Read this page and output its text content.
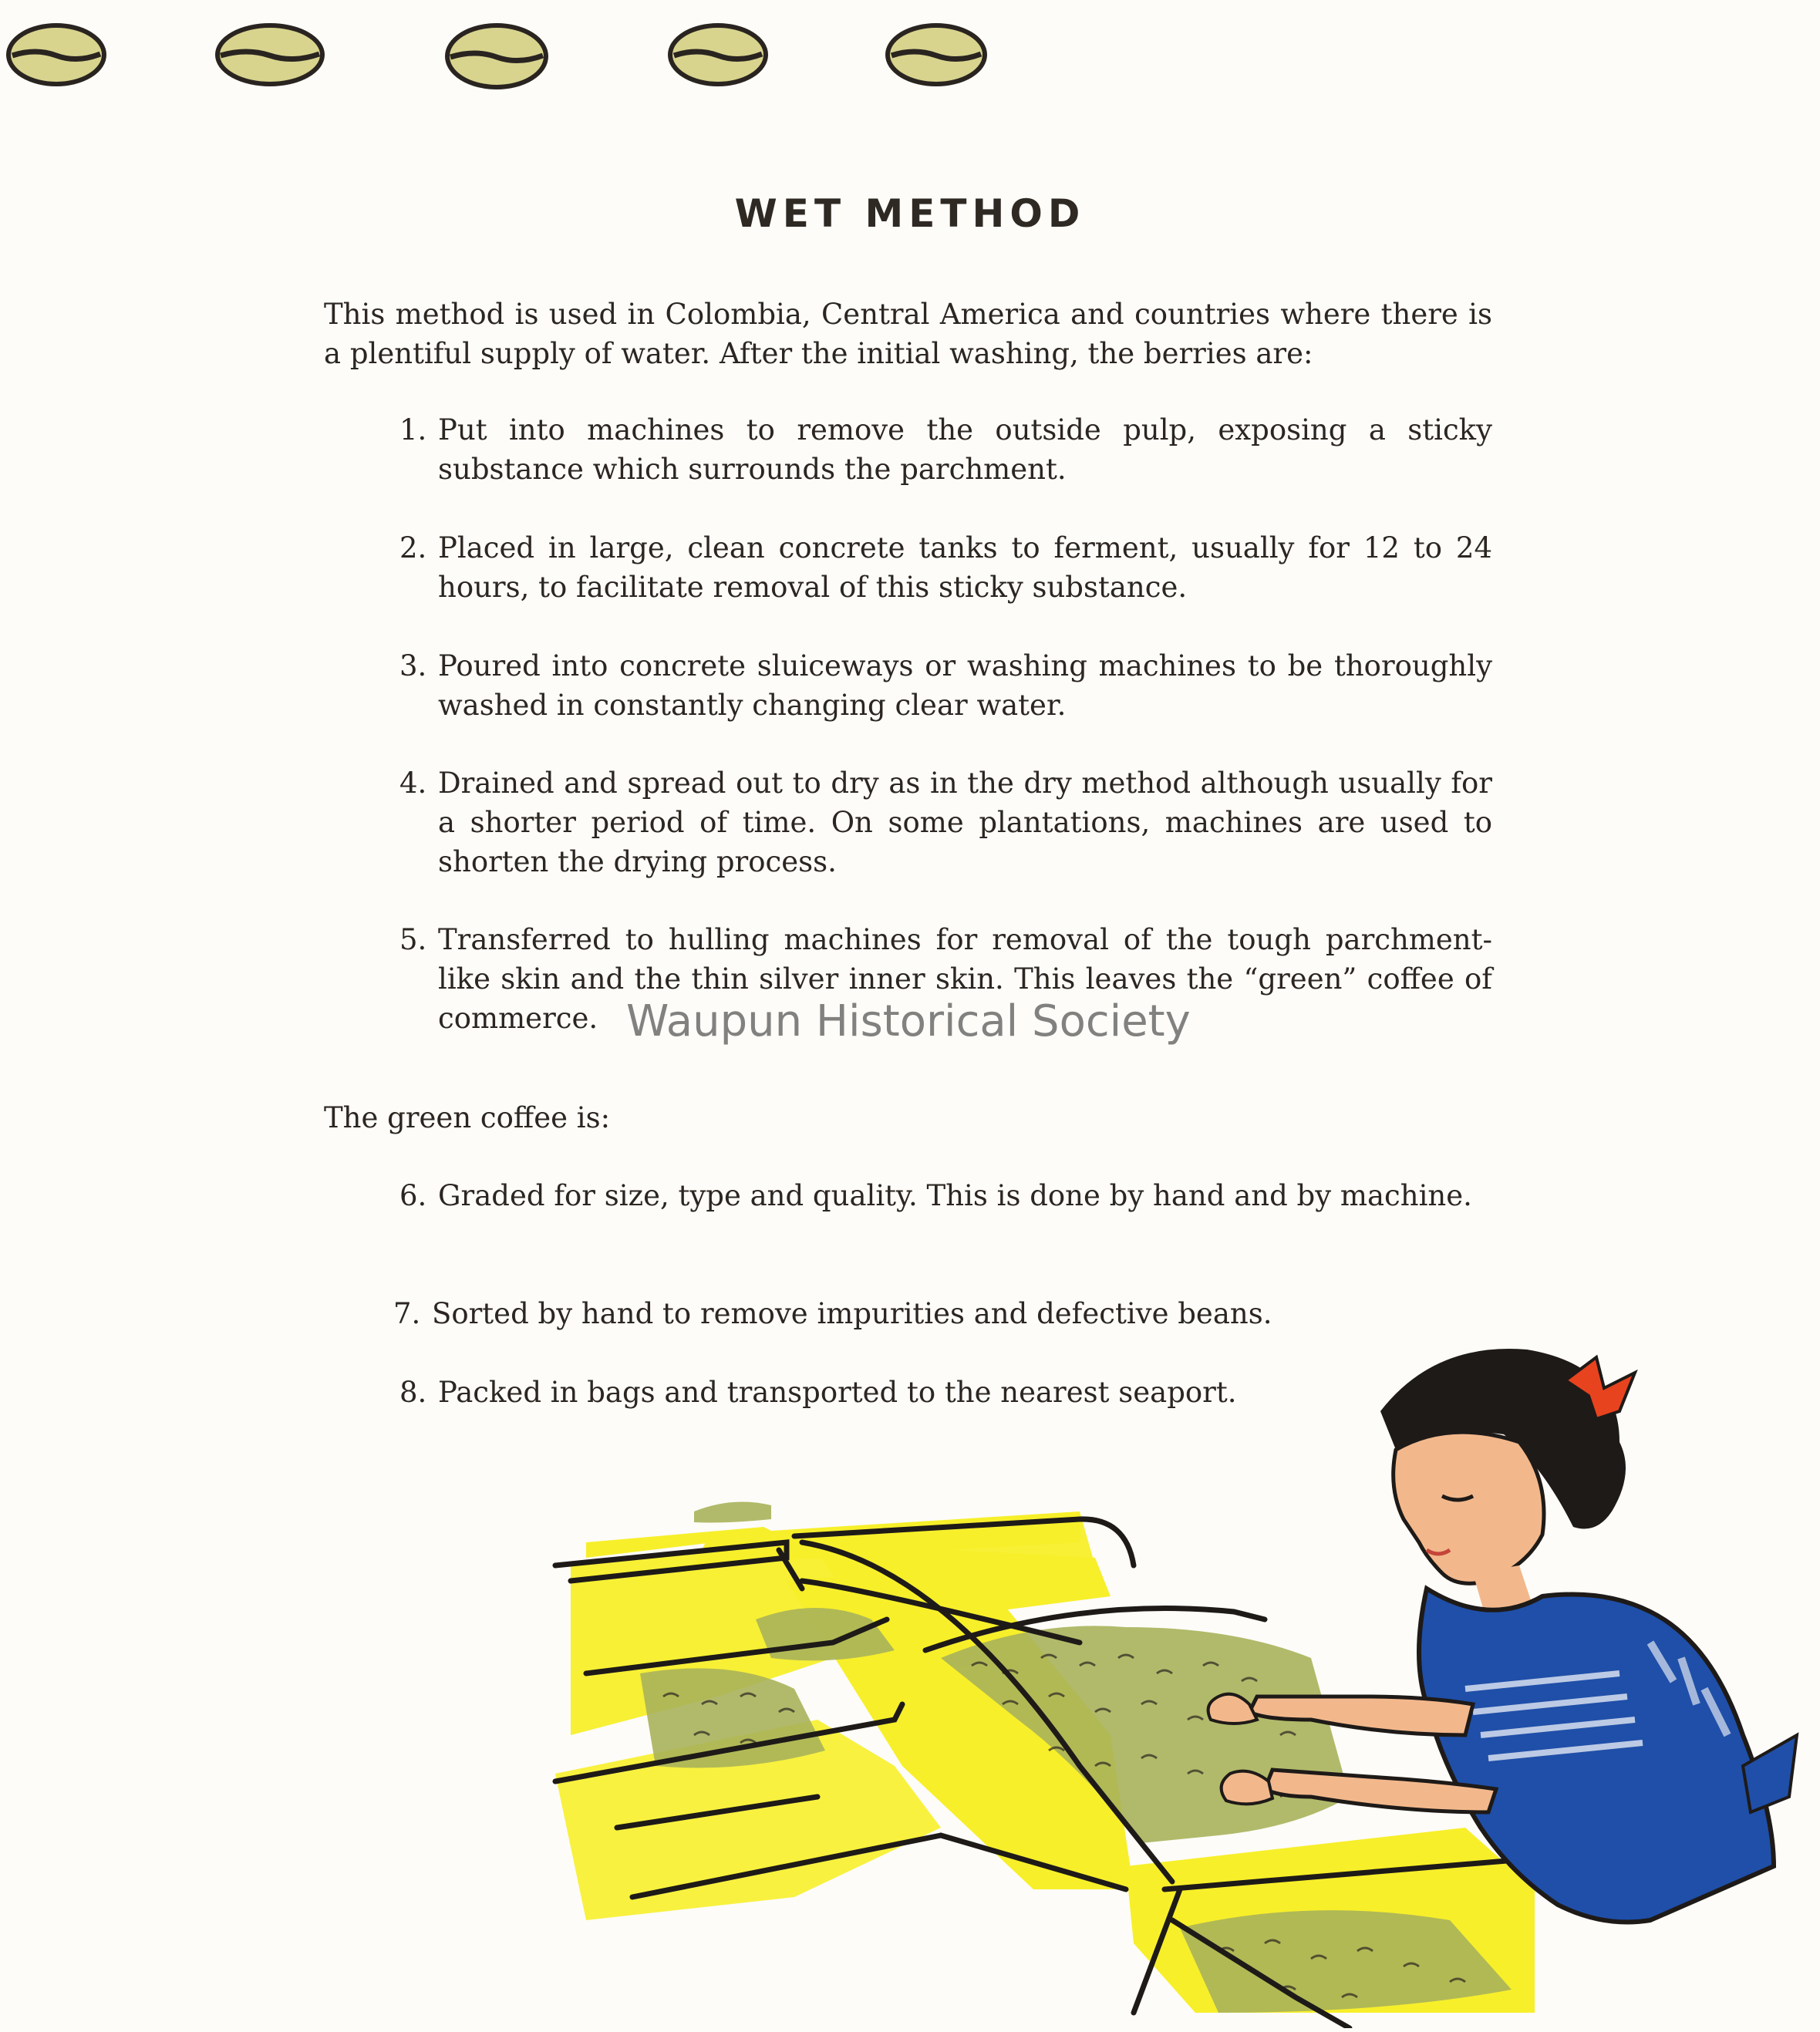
WET METHOD
This method is used in Colombia, Central America and countries where there is a plentiful supply of water. After the initial washing, the berries are:
1. Put into machines to remove the outside pulp, exposing a sticky substance which surrounds the parchment.
2. Placed in large, clean concrete tanks to ferment, usually for 12 to 24 hours, to facilitate removal of this sticky substance.
3. Poured into concrete sluiceways or washing machines to be thoroughly washed in constantly changing clear water.
4. Drained and spread out to dry as in the dry method although usually for a shorter period of time. On some plantations, machines are used to shorten the drying process.
5. Transferred to hulling machines for removal of the tough parchment-like skin and the thin silver inner skin. This leaves the “green” coffee of commerce. Waupun Historical Society
The green coffee is:
6. Graded for size, type and quality. This is done by hand and by machine.
7. Sorted by hand to remove impurities and defective beans.
8. Packed in bags and transported to the nearest seaport.
